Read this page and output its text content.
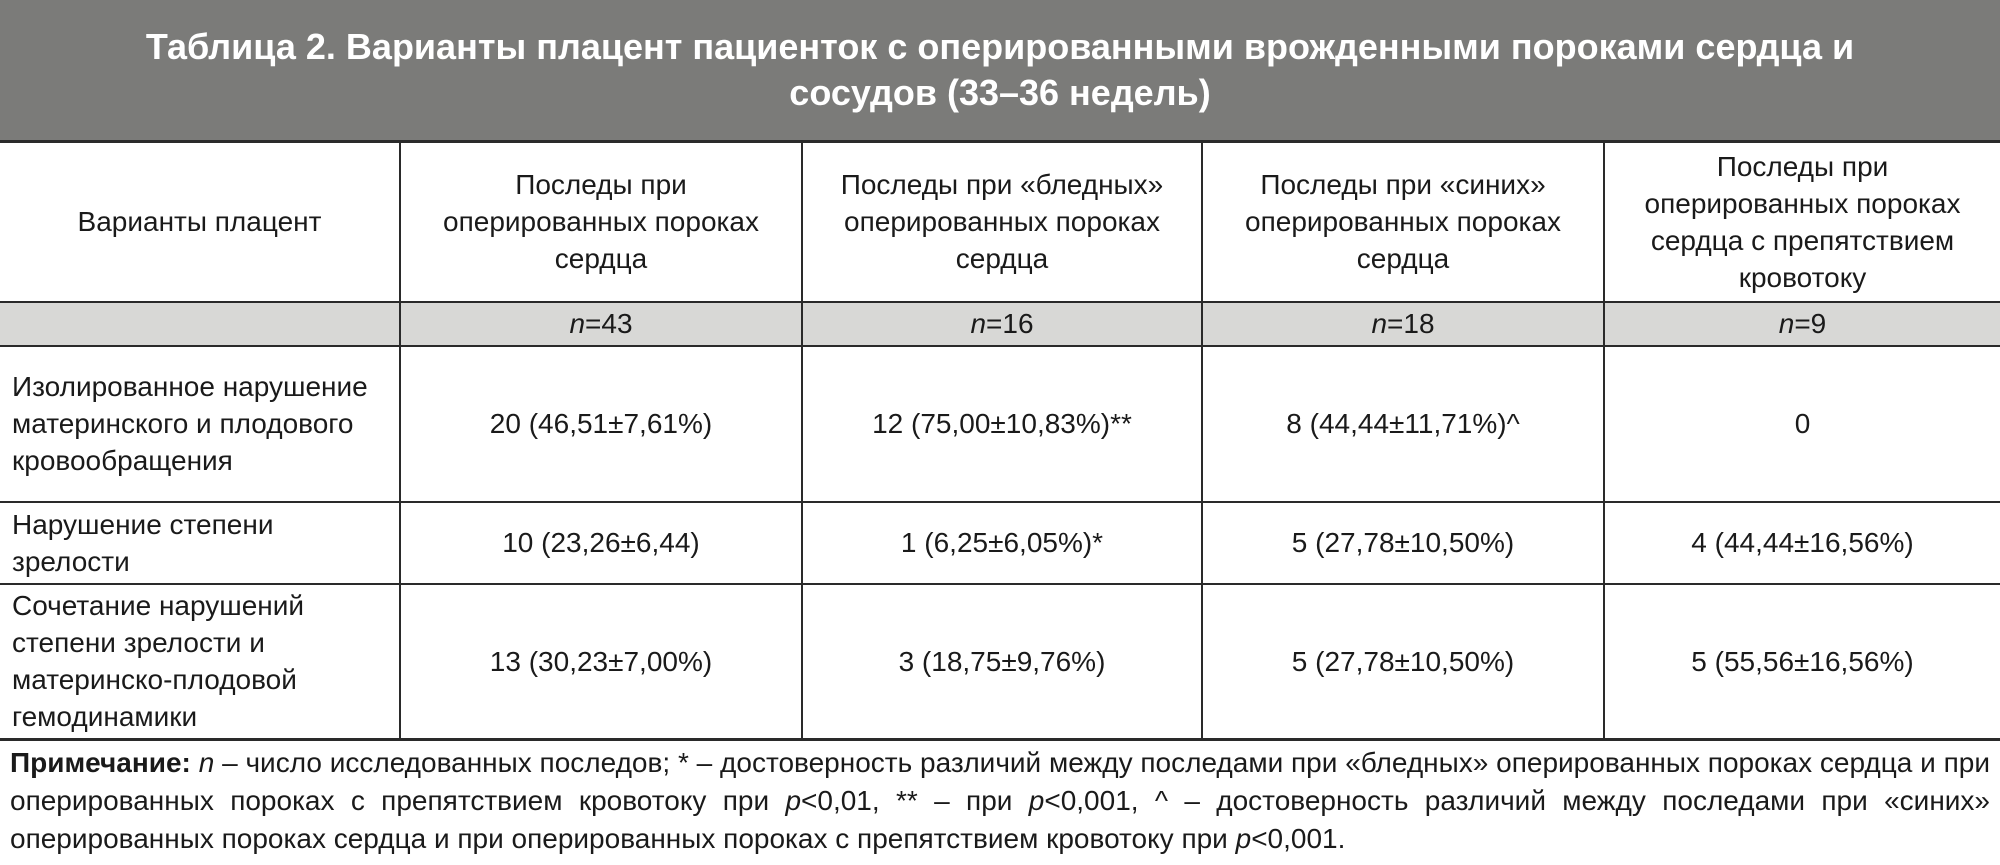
Таблица 2. Варианты плацент пациенток с оперированными врожденными пороками сердца и
сосудов (33–36 недель)
Варианты плацент	Последы при оперированных пороках сердца	Последы при «бледных» оперированных пороках сердца	Последы при «синих» оперированных пороках сердца	Последы при оперированных пороках сердца с препятствием кровотоку
	n=43	n=16	n=18	n=9
Изолированное нарушение материнского и плодового кровообращения	20 (46,51±7,61%)	12 (75,00±10,83%)**	8 (44,44±11,71%)^	0
Нарушение степени зрелости	10 (23,26±6,44)	1 (6,25±6,05%)*	5 (27,78±10,50%)	4 (44,44±16,56%)
Сочетание нарушений степени зрелости и материнско-плодовой гемодинамики	13 (30,23±7,00%)	3 (18,75±9,76%)	5 (27,78±10,50%)	5 (55,56±16,56%)
Примечание: n – число исследованных последов; * – достоверность различий между последами при «бледных» оперированных пороках сердца и при оперированных пороках с препятствием кровотоку при p<0,01, ** – при p<0,001, ^ – достоверность различий между последами при «синих» оперированных пороках сердца и при оперированных пороках с препятствием кровотоку при p<0,001.
